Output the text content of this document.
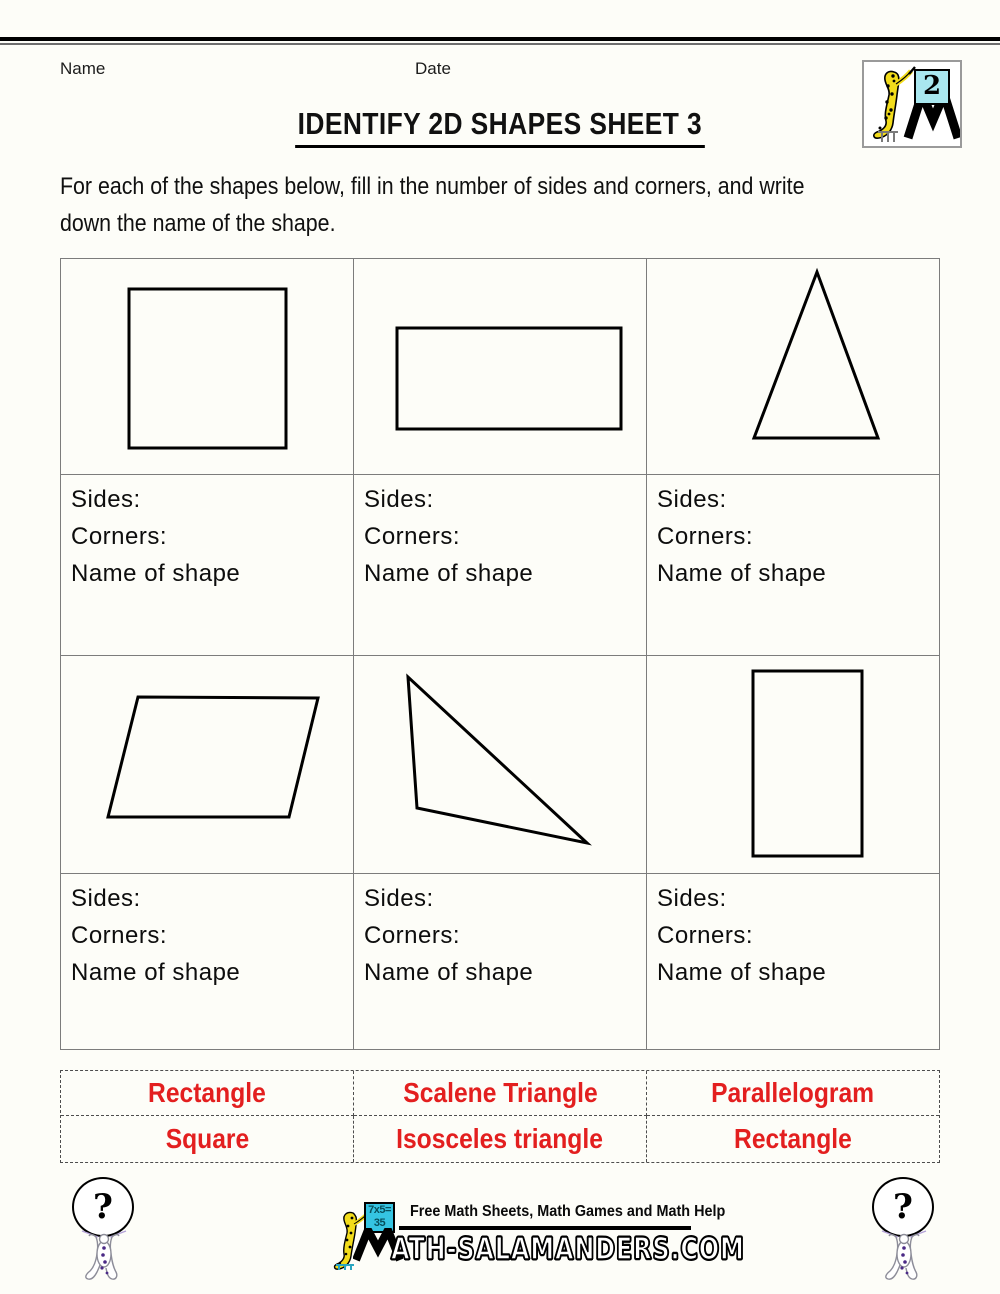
Name	Date
2
IDENTIFY 2D SHAPES SHEET 3
For each of the shapes below, fill in the number of sides and corners, and write
down the name of the shape.
Sides:
Corners:
Name of shape
Sides:
Corners:
Name of shape
Sides:
Corners:
Name of shape
Sides:
Corners:
Name of shape
Sides:
Corners:
Name of shape
Sides:
Corners:
Name of shape
Rectangle	Scalene Triangle	Parallelogram
Square	Isosceles triangle	Rectangle
?	7x5=
35
Free Math Sheets, Math Games and Math Help
ATH-SALAMANDERS.COM
?
